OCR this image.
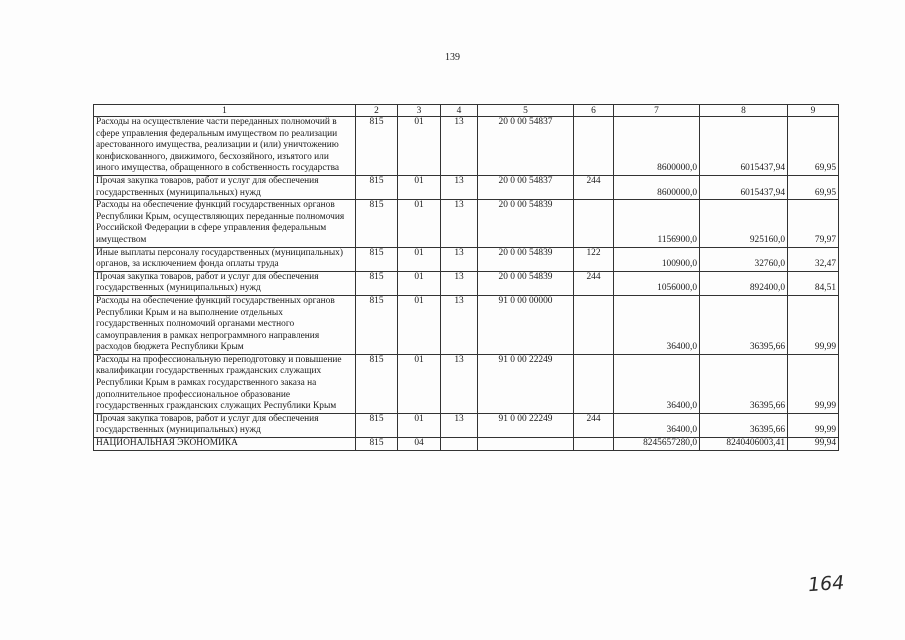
139
1	2	3	4	5	6	7	8	9
Расходы на осуществление части переданных полномочий в сфере управления федеральным имуществом по реализации арестованного имущества, реализации и (или) уничтожению конфискованного, движимого, бесхозяйного, изъятого или иного имущества, обращенного в собственность государства	815	01	13	20 0 00 54837		8600000,0	6015437,94	69,95
Прочая закупка товаров, работ и услуг для обеспечения государственных (муниципальных) нужд	815	01	13	20 0 00 54837	244	8600000,0	6015437,94	69,95
Расходы на обеспечение функций государственных органов Республики Крым, осуществляющих переданные полномочия Российской Федерации в сфере управления федеральным имуществом	815	01	13	20 0 00 54839		1156900,0	925160,0	79,97
Иные выплаты персоналу государственных (муниципальных) органов, за исключением фонда оплаты труда	815	01	13	20 0 00 54839	122	100900,0	32760,0	32,47
Прочая закупка товаров, работ и услуг для обеспечения государственных (муниципальных) нужд	815	01	13	20 0 00 54839	244	1056000,0	892400,0	84,51
Расходы на обеспечение функций государственных органов Республики Крым и на выполнение отдельных государственных полномочий органами местного самоуправления в рамках непрограммного направления расходов бюджета Республики Крым	815	01	13	91 0 00 00000		36400,0	36395,66	99,99
Расходы на профессиональную переподготовку и повышение квалификации государственных гражданских служащих Республики Крым в рамках государственного заказа на дополнительное профессиональное образование государственных гражданских служащих Республики Крым	815	01	13	91 0 00 22249		36400,0	36395,66	99,99
Прочая закупка товаров, работ и услуг для обеспечения государственных (муниципальных) нужд	815	01	13	91 0 00 22249	244	36400,0	36395,66	99,99
НАЦИОНАЛЬНАЯ ЭКОНОМИКА	815	04				8245657280,0	8240406003,41	99,94
164
